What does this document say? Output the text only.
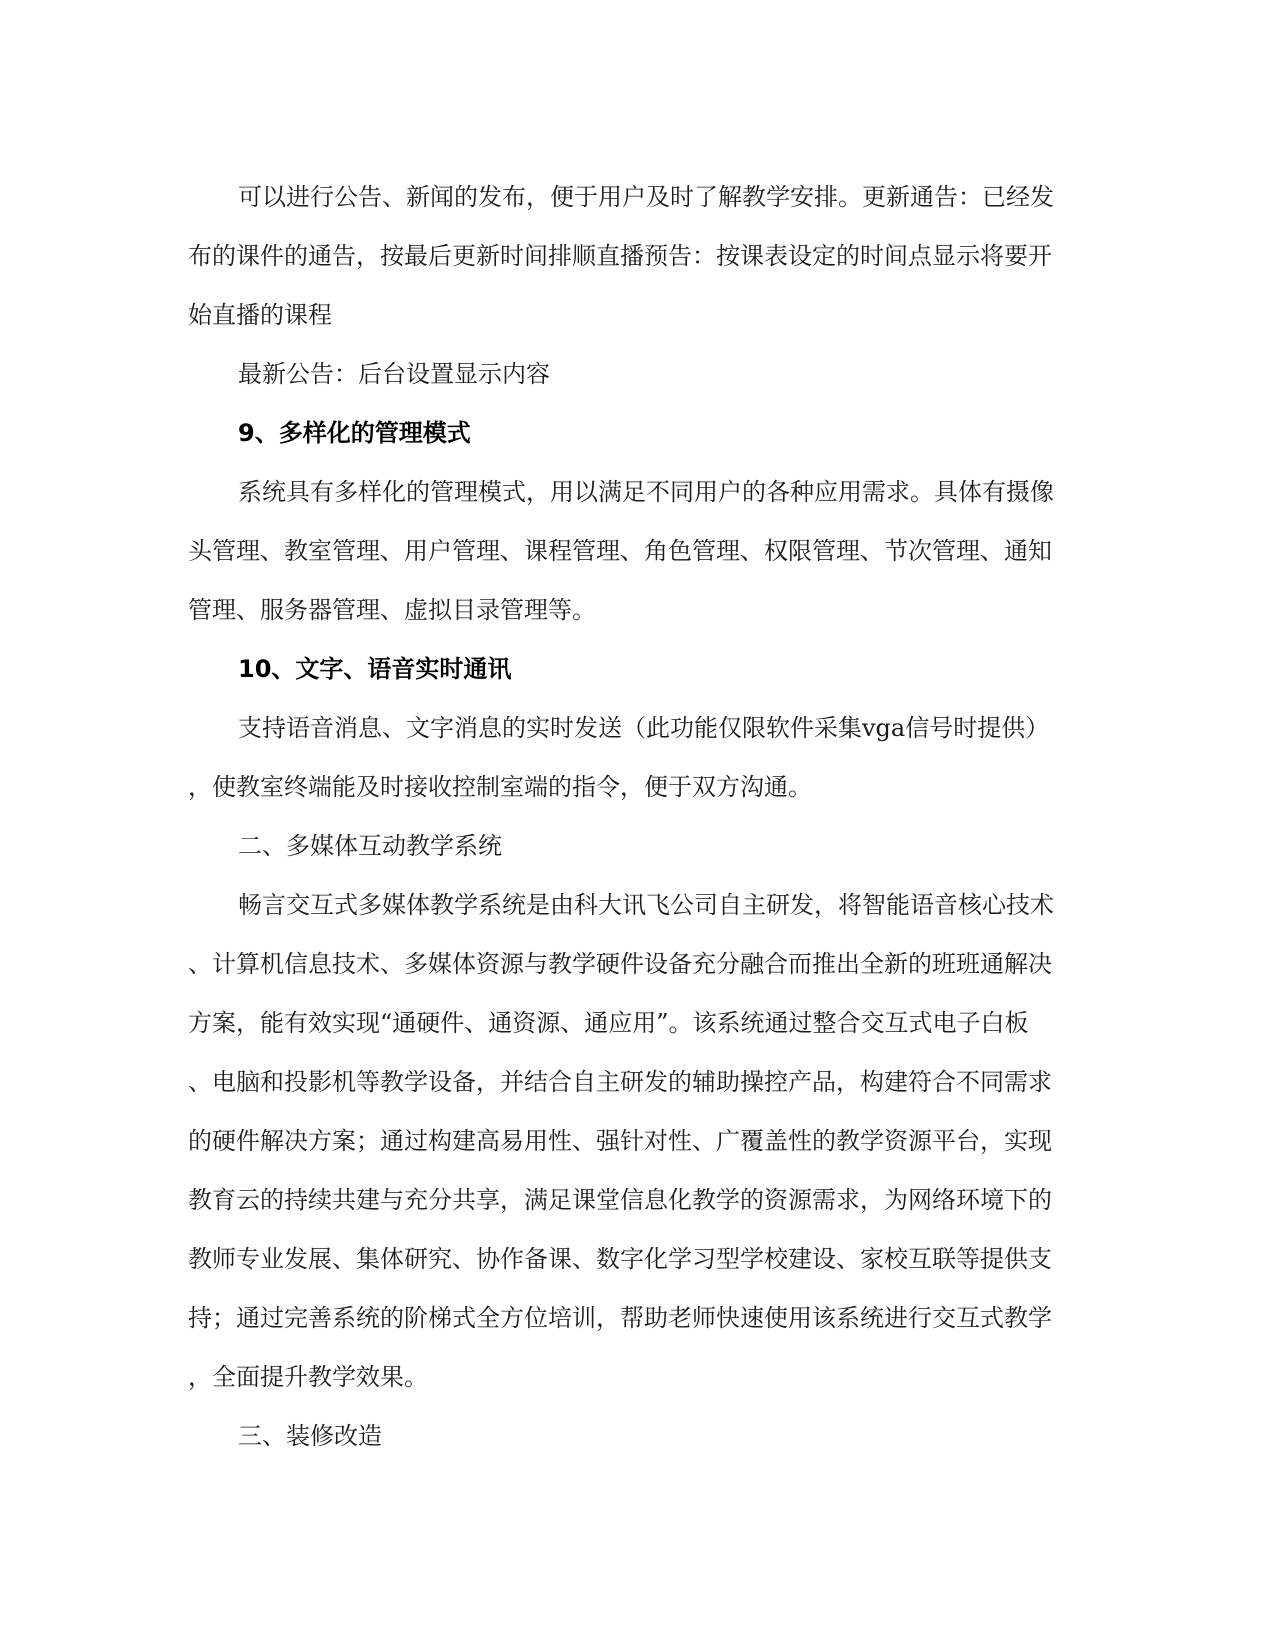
可以进行公告、新闻的发布，便于用户及时了解教学安排。更新通告：已经发
布的课件的通告，按最后更新时间排顺直播预告：按课表设定的时间点显示将要开
始直播的课程

最新公告：后台设置显示内容

9、多样化的管理模式

系统具有多样化的管理模式，用以满足不同用户的各种应用需求。具体有摄像
头管理、教室管理、用户管理、课程管理、角色管理、权限管理、节次管理、通知
管理、服务器管理、虚拟目录管理等。

10、文字、语音实时通讯

支持语音消息、文字消息的实时发送（此功能仅限软件采集vga信号时提供）
，使教室终端能及时接收控制室端的指令，便于双方沟通。

二、多媒体互动教学系统

畅言交互式多媒体教学系统是由科大讯飞公司自主研发，将智能语音核心技术
、计算机信息技术、多媒体资源与教学硬件设备充分融合而推出全新的班班通解决
方案，能有效实现“通硬件、通资源、通应用”。该系统通过整合交互式电子白板
、电脑和投影机等教学设备，并结合自主研发的辅助操控产品，构建符合不同需求
的硬件解决方案；通过构建高易用性、强针对性、广覆盖性的教学资源平台，实现
教育云的持续共建与充分共享，满足课堂信息化教学的资源需求，为网络环境下的
教师专业发展、集体研究、协作备课、数字化学习型学校建设、家校互联等提供支
持；通过完善系统的阶梯式全方位培训，帮助老师快速使用该系统进行交互式教学
，全面提升教学效果。

三、装修改造
